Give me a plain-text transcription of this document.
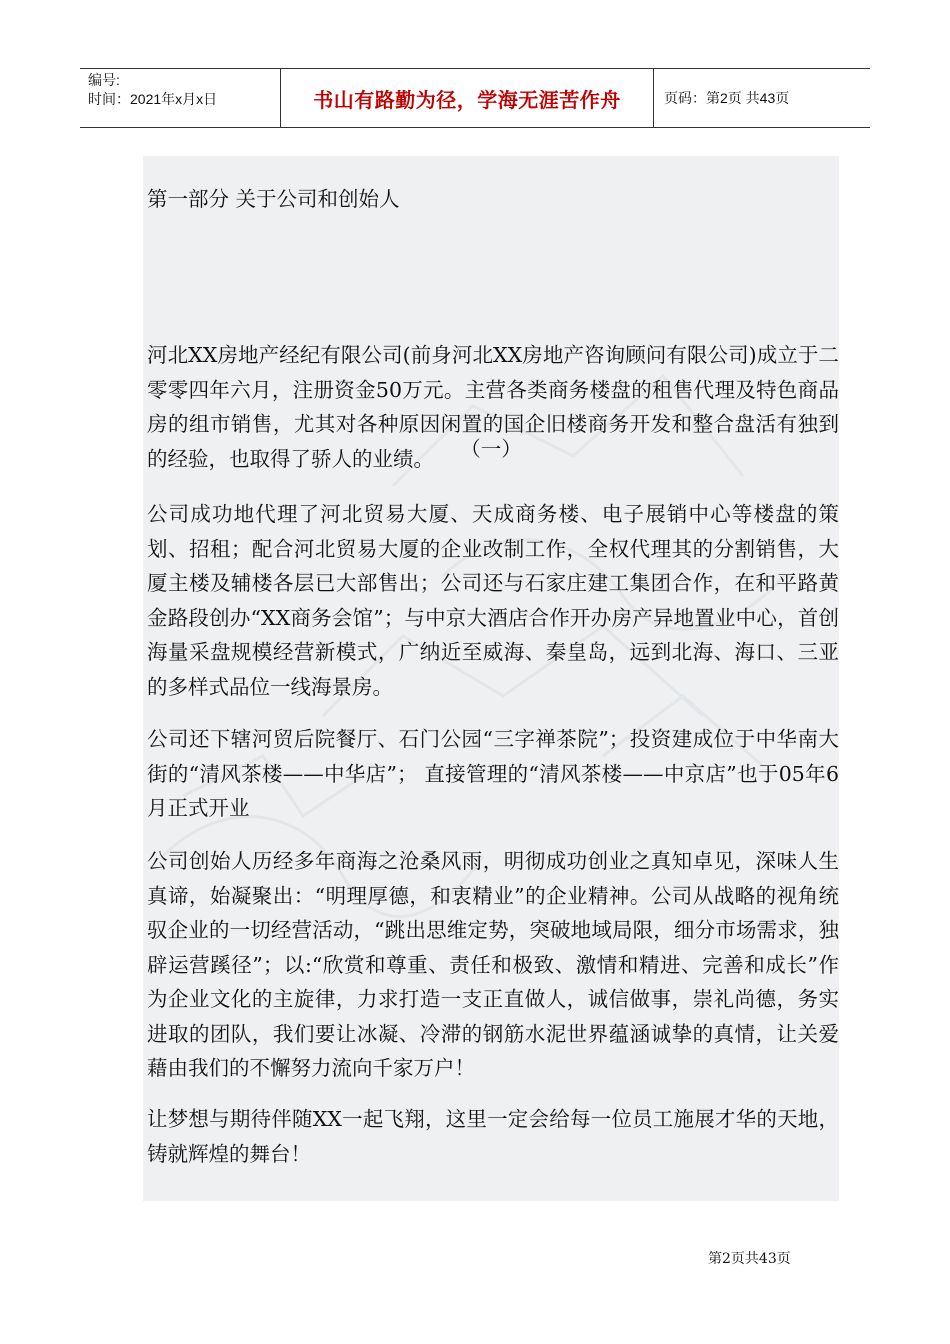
编号:
时间：2021年x月x日	书山有路勤为径，学海无涯苦作舟	页码：第2页 共43页
第一部分 关于公司和创始人
（一）

河北XX房地产经纪有限公司(前身河北XX房地产咨询顾问有限公司)成立于二零零四年六月，注册资金50万元。主营各类商务楼盘的租售代理及特色商品房的组市销售，尤其对各种原因闲置的国企旧楼商务开发和整合盘活有独到的经验，也取得了骄人的业绩。

公司成功地代理了河北贸易大厦、天成商务楼、电子展销中心等楼盘的策划、招租；配合河北贸易大厦的企业改制工作，全权代理其的分割销售，大厦主楼及辅楼各层已大部售出；公司还与石家庄建工集团合作，在和平路黄金路段创办“XX商务会馆”；与中京大酒店合作开办房产异地置业中心，首创海量采盘规模经营新模式，广纳近至威海、秦皇岛，远到北海、海口、三亚的多样式品位一线海景房。

公司还下辖河贸后院餐厅、石门公园“三字禅茶院”；投资建成位于中华南大街的“清风茶楼——中华店”； 直接管理的“清风茶楼——中京店”也于05年6月正式开业

公司创始人历经多年商海之沧桑风雨，明彻成功创业之真知卓见，深味人生真谛，始凝聚出：“明理厚德，和衷精业”的企业精神。公司从战略的视角统驭企业的一切经营活动，“跳出思维定势，突破地域局限，细分市场需求，独辟运营蹊径”；以:“欣赏和尊重、责任和极致、激情和精进、完善和成长”作为企业文化的主旋律，力求打造一支正直做人，诚信做事，崇礼尚德，务实进取的团队，我们要让冰凝、冷滞的钢筋水泥世界蕴涵诚挚的真情，让关爱藉由我们的不懈努力流向千家万户！

让梦想与期待伴随XX一起飞翔，这里一定会给每一位员工施展才华的天地，铸就辉煌的舞台！

第2页共43页
